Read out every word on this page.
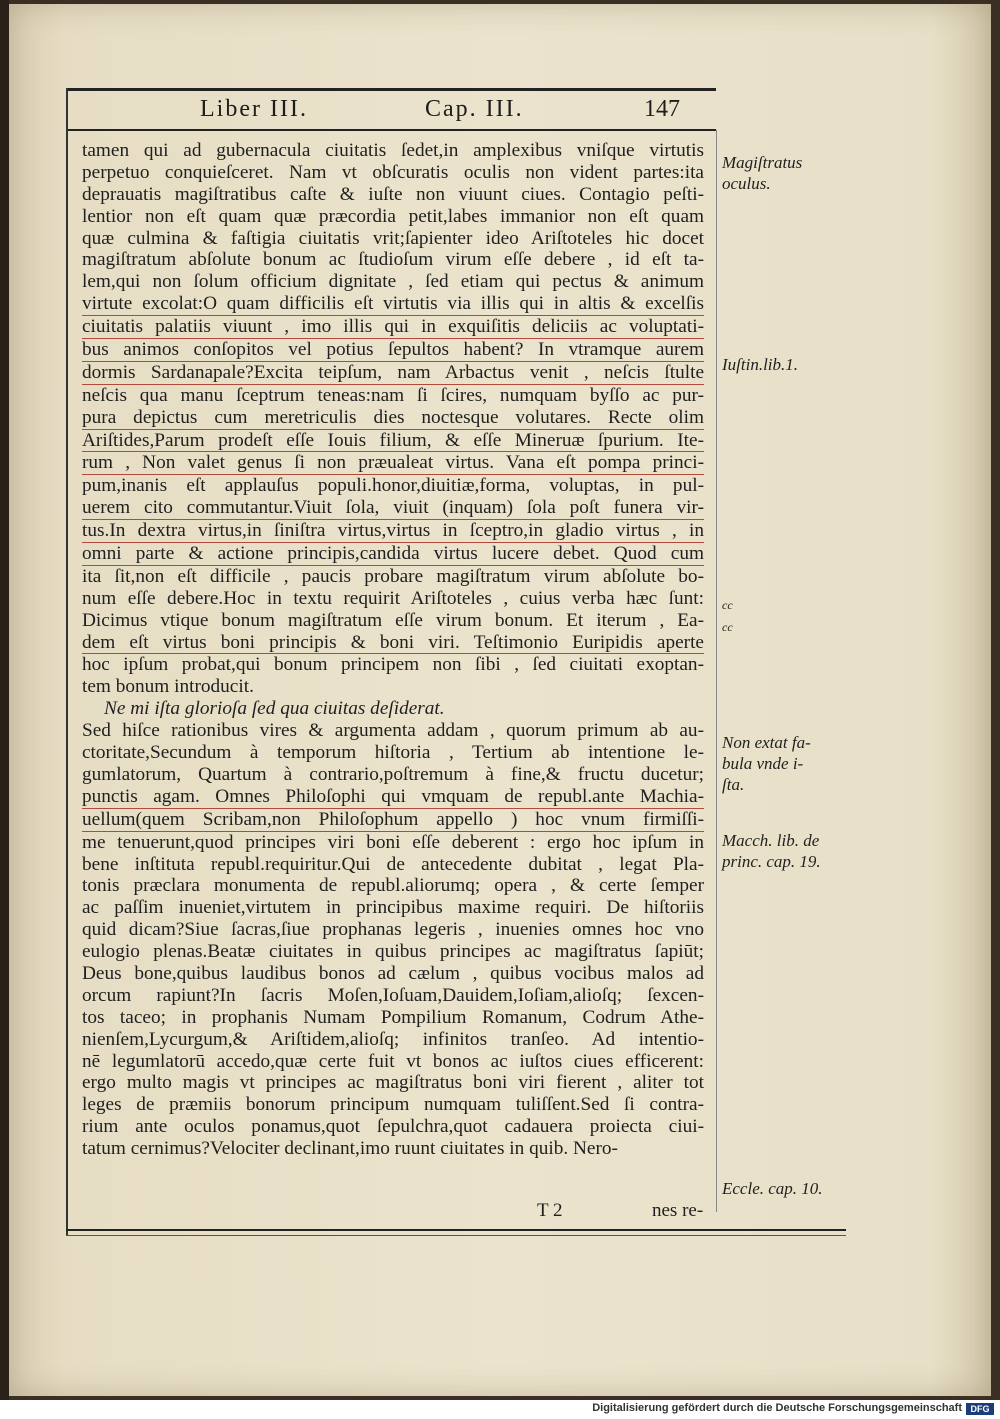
Liber III.	Cap. III.	147
tamen qui ad gubernacula ciuitatis ſedet,in amplexibus vniſque virtutis
perpetuo conquieſceret. Nam vt obſcuratis oculis non vident partes:ita
deprauatis magiſtratibus caſte & iuſte non viuunt ciues. Contagio peſti-
lentior non eſt quam quæ præcordia petit,labes immanior non eſt quam
quæ culmina & faſtigia ciuitatis vrit;ſapienter ideo Ariſtoteles hic docet
magiſtratum abſolute bonum ac ſtudioſum virum eſſe debere , id eſt ta-
lem,qui non ſolum officium dignitate , ſed etiam qui pectus & animum
virtute excolat:O quam difficilis eſt virtutis via illis qui in altis & excelſis
ciuitatis palatiis viuunt , imo illis qui in exquiſitis deliciis ac voluptati-
bus animos conſopitos vel potius ſepultos habent? In vtramque aurem
dormis Sardanapale?Excita teipſum, nam Arbactus venit , neſcis ſtulte
neſcis qua manu ſceptrum teneas:nam ſi ſcires, numquam byſſo ac pur-
pura depictus cum meretriculis dies noctesque volutares. Recte olim
Ariſtides,Parum prodeſt eſſe Iouis filium, & eſſe Mineruæ ſpurium. Ite-
rum , Non valet genus ſi non præualeat virtus. Vana eſt pompa princi-
pum,inanis eſt applauſus populi.honor,diuitiæ,forma, voluptas, in pul-
uerem cito commutantur.Viuit ſola, viuit (inquam) ſola poſt funera vir-
tus.In dextra virtus,in ſiniſtra virtus,virtus in ſceptro,in gladio virtus , in
omni parte & actione principis,candida virtus lucere debet. Quod cum
ita ſit,non eſt difficile , paucis probare magiſtratum virum abſolute bo-
num eſſe debere.Hoc in textu requirit Ariſtoteles , cuius verba hæc ſunt:
Dicimus vtique bonum magiſtratum eſſe virum bonum. Et iterum , Ea-
dem eſt virtus boni principis & boni viri. Teſtimonio Euripidis aperte
hoc ipſum probat,qui bonum principem non ſibi , ſed ciuitati exoptan-
tem bonum introducit.
Ne mi iſta glorioſa ſed qua ciuitas deſiderat.
Sed hiſce rationibus vires & argumenta addam , quorum primum ab au-
ctoritate,Secundum à temporum hiſtoria , Tertium ab intentione le-
gumlatorum, Quartum à contrario,poſtremum à fine,& fructu ducetur;
punctis agam. Omnes Philoſophi qui vmquam de republ.ante Machia-
uellum(quem Scribam,non Philoſophum appello ) hoc vnum firmiſſi-
me tenuerunt,quod principes viri boni eſſe deberent : ergo hoc ipſum in
bene inſtituta republ.requiritur.Qui de antecedente dubitat , legat Pla-
tonis præclara monumenta de republ.aliorumq; opera , & certe ſemper
ac paſſim inueniet,virtutem in principibus maxime requiri. De hiſtoriis
quid dicam?Siue ſacras,ſiue prophanas legeris , inuenies omnes hoc vno
eulogio plenas.Beatæ ciuitates in quibus principes ac magiſtratus ſapiūt;
Deus bone,quibus laudibus bonos ad cælum , quibus vocibus malos ad
orcum rapiunt?In ſacris Moſen,Ioſuam,Dauidem,Ioſiam,alioſq; ſexcen-
tos taceo; in prophanis Numam Pompilium Romanum, Codrum Athe-
nienſem,Lycurgum,& Ariſtidem,alioſq; infinitos tranſeo. Ad intentio-
nē legumlatorū accedo,quæ certe fuit vt bonos ac iuſtos ciues efficerent:
ergo multo magis vt principes ac magiſtratus boni viri fierent , aliter tot
leges de præmiis bonorum principum numquam tuliſſent.Sed ſi contra-
rium ante oculos ponamus,quot ſepulchra,quot cadauera proiecta ciui-
tatum cernimus?Velociter declinant,imo ruunt ciuitates in quib. Nero-
Magiſtratus
oculus.
Iuſtin.lib.1.
cc
cc
Non extat fa-
bula vnde i-
ſta.
Macch. lib. de
princ. cap. 19.
Eccle. cap. 10.
T 2	nes re-
Digitalisierung gefördert durch die Deutsche Forschungsgemeinschaft DFG
